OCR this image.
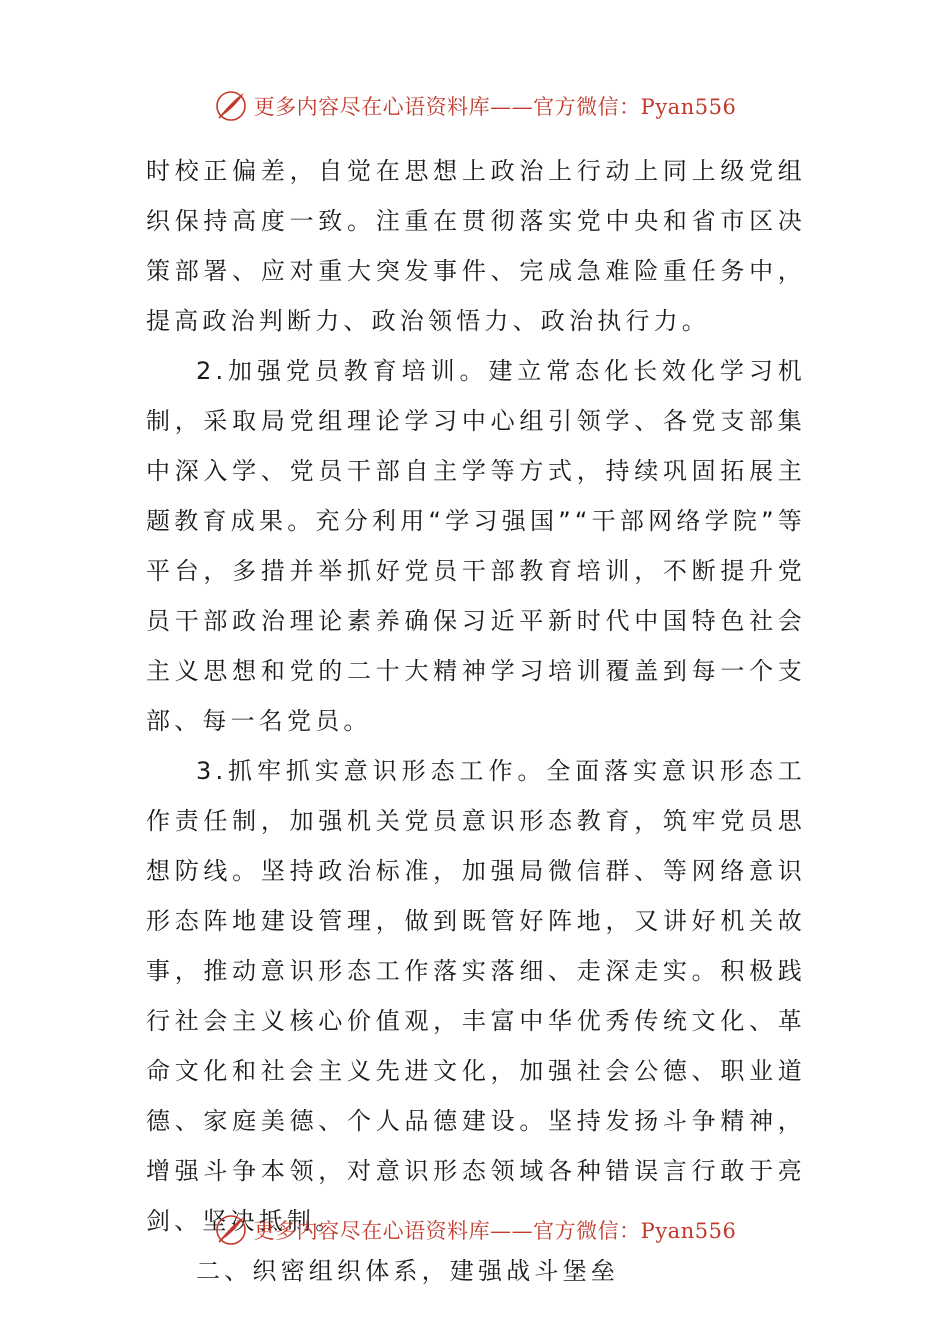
更多内容尽在心语资料库——官方微信：Pyan556

时校正偏差，自觉在思想上政治上行动上同上级党组织保持高度一致。注重在贯彻落实党中央和省市区决策部署、应对重大突发事件、完成急难险重任务中，提高政治判断力、政治领悟力、政治执行力。

2.加强党员教育培训。建立常态化长效化学习机制，采取局党组理论学习中心组引领学、各党支部集中深入学、党员干部自主学等方式，持续巩固拓展主题教育成果。充分利用“学习强国”“干部网络学院”等平台，多措并举抓好党员干部教育培训，不断提升党员干部政治理论素养确保习近平新时代中国特色社会主义思想和党的二十大精神学习培训覆盖到每一个支部、每一名党员。

3.抓牢抓实意识形态工作。全面落实意识形态工作责任制，加强机关党员意识形态教育，筑牢党员思想防线。坚持政治标准，加强局微信群、等网络意识形态阵地建设管理，做到既管好阵地，又讲好机关故事，推动意识形态工作落实落细、走深走实。积极践行社会主义核心价值观，丰富中华优秀传统文化、革命文化和社会主义先进文化，加强社会公德、职业道德、家庭美德、个人品德建设。坚持发扬斗争精神，增强斗争本领，对意识形态领域各种错误言行敢于亮剑、坚决抵制。

二、织密组织体系，建强战斗堡垒

更多内容尽在心语资料库——官方微信：Pyan556
